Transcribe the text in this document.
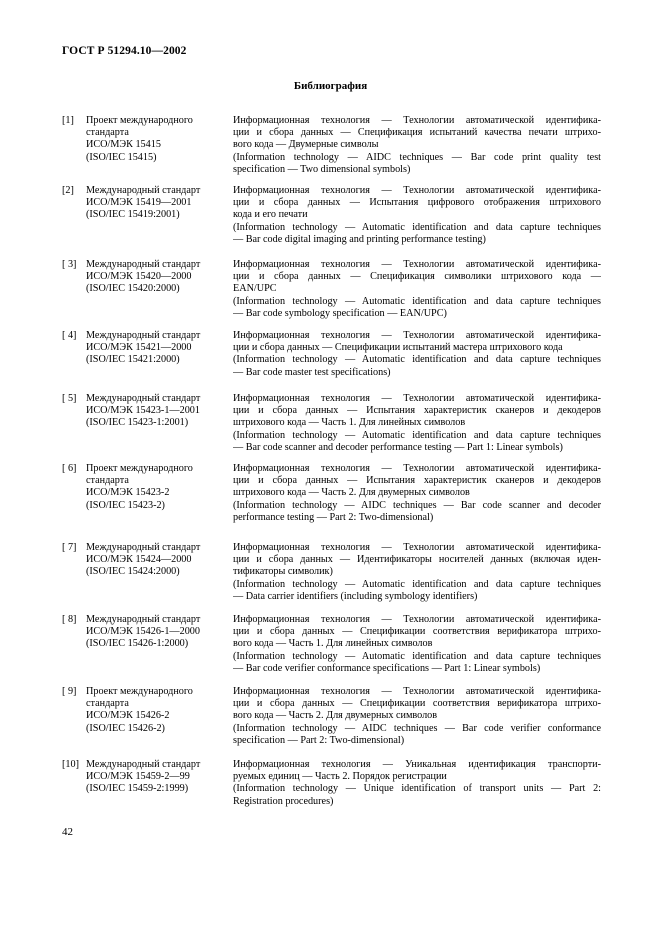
ГОСТ Р 51294.10—2002
Библиография
[1] Проект международного
стандарта
ИСО/МЭК 15415
(ISO/IEC 15415)
Информационная технология — Технологии автоматической идентифика-
ции и сбора данных — Спецификация испытаний качества печати штрихо-
вого кода — Двумерные символы
(Information technology — AIDC techniques — Bar code print quality test
specification — Two dimensional symbols)
[2] Международный стандарт
ИСО/МЭК 15419—2001
(ISO/IEC 15419:2001)
Информационная технология — Технологии автоматической идентифика-
ции и сбора данных — Испытания цифрового отображения штрихового
кода и его печати
(Information technology — Automatic identification and data capture techniques
— Bar code digital imaging and printing performance testing)
[ 3] Международный стандарт
ИСО/МЭК 15420—2000
(ISO/IEC 15420:2000)
Информационная технология — Технологии автоматической идентифика-
ции и сбора данных — Спецификация символики штрихового кода —
EAN/UPC
(Information technology — Automatic identification and data capture techniques
— Bar code symbology specification — EAN/UPC)
[ 4] Международный стандарт
ИСО/МЭК 15421—2000
(ISO/IEC 15421:2000)
Информационная технология — Технологии автоматической идентифика-
ции и сбора данных — Спецификации испытаний мастера штрихового кода
(Information technology — Automatic identification and data capture techniques
— Bar code master test specifications)
[ 5] Международный стандарт
ИСО/МЭК 15423-1—2001
(ISO/IEC 15423-1:2001)
Информационная технология — Технологии автоматической идентифика-
ции и сбора данных — Испытания характеристик сканеров и декодеров
штрихового кода — Часть 1. Для линейных символов
(Information technology — Automatic identification and data capture techniques
— Bar code scanner and decoder performance testing — Part 1: Linear symbols)
[ 6] Проект международного
стандарта
ИСО/МЭК 15423-2
(ISO/IEC 15423-2)
Информационная технология — Технологии автоматической идентифика-
ции и сбора данных — Испытания характеристик сканеров и декодеров
штрихового кода — Часть 2. Для двумерных символов
(Information technology — AIDC techniques — Bar code scanner and decoder
performance testing — Part 2: Two-dimensional)
[ 7] Международный стандарт
ИСО/МЭК 15424—2000
(ISO/IEC 15424:2000)
Информационная технология — Технологии автоматической идентифика-
ции и сбора данных — Идентификаторы носителей данных (включая иден-
тификаторы символик)
(Information technology — Automatic identification and data capture techniques
— Data carrier identifiers (including symbology identifiers)
[ 8] Международный стандарт
ИСО/МЭК 15426-1—2000
(ISO/IEC 15426-1:2000)
Информационная технология — Технологии автоматической идентифика-
ции и сбора данных — Спецификации соответствия верификатора штрихо-
вого кода — Часть 1. Для линейных символов
(Information technology — Automatic identification and data capture techniques
— Bar code verifier conformance specifications — Part 1: Linear symbols)
[ 9] Проект международного
стандарта
ИСО/МЭК 15426-2
(ISO/IEC 15426-2)
Информационная технология — Технологии автоматической идентифика-
ции и сбора данных — Спецификации соответствия верификатора штрихо-
вого кода — Часть 2. Для двумерных символов
(Information technology — AIDC techniques — Bar code verifier conformance
specification — Part 2: Two-dimensional)
[10] Международный стандарт
ИСО/МЭК 15459-2—99
(ISO/IEC 15459-2:1999)
Информационная технология — Уникальная идентификация транспорти-
руемых единиц — Часть 2. Порядок регистрации
(Information technology — Unique identification of transport units — Part 2:
Registration procedures)
42
